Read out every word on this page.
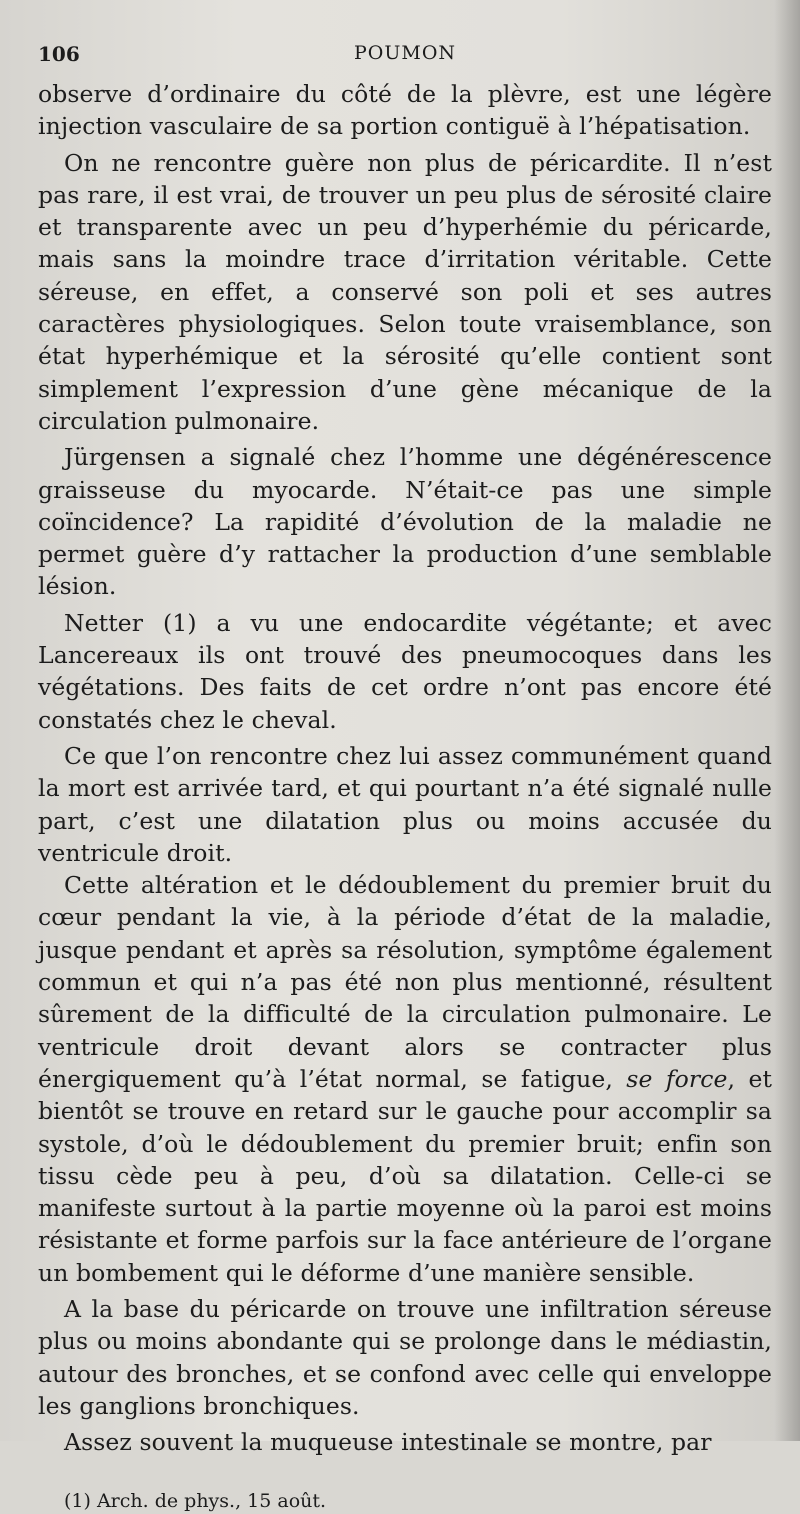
106	POUMON

observe d’ordinaire du côté de la plèvre, est une légère injection vasculaire de sa portion contiguë à l’hépatisation.

On ne rencontre guère non plus de péricardite. Il n’est pas rare, il est vrai, de trouver un peu plus de sérosité claire et transparente avec un peu d’hyperhémie du péricarde, mais sans la moindre trace d’irritation véritable. Cette séreuse, en effet, a conservé son poli et ses autres caractères physiologiques. Selon toute vraisemblance, son état hyperhémique et la sérosité qu’elle contient sont simplement l’expression d’une gène mécanique de la circulation pulmonaire.

Jürgensen a signalé chez l’homme une dégénérescence graisseuse du myocarde. N’était-ce pas une simple coïncidence? La rapidité d’évolution de la maladie ne permet guère d’y rattacher la production d’une semblable lésion.

Netter (1) a vu une endocardite végétante; et avec Lancereaux ils ont trouvé des pneumocoques dans les végétations. Des faits de cet ordre n’ont pas encore été constatés chez le cheval.

Ce que l’on rencontre chez lui assez communément quand la mort est arrivée tard, et qui pourtant n’a été signalé nulle part, c’est une dilatation plus ou moins accusée du ventricule droit.

Cette altération et le dédoublement du premier bruit du cœur pendant la vie, à la période d’état de la maladie, jusque pendant et après sa résolution, symptôme également commun et qui n’a pas été non plus mentionné, résultent sûrement de la difficulté de la circulation pulmonaire. Le ventricule droit devant alors se contracter plus énergiquement qu’à l’état normal, se fatigue, se force, et bientôt se trouve en retard sur le gauche pour accomplir sa systole, d’où le dédoublement du premier bruit; enfin son tissu cède peu à peu, d’où sa dilatation. Celle-ci se manifeste surtout à la partie moyenne où la paroi est moins résistante et forme parfois sur la face antérieure de l’organe un bombement qui le déforme d’une manière sensible.

A la base du péricarde on trouve une infiltration séreuse plus ou moins abondante qui se prolonge dans le médiastin, autour des bronches, et se confond avec celle qui enveloppe les ganglions bronchiques.

Assez souvent la muqueuse intestinale se montre, par

(1) Arch. de phys., 15 août.
